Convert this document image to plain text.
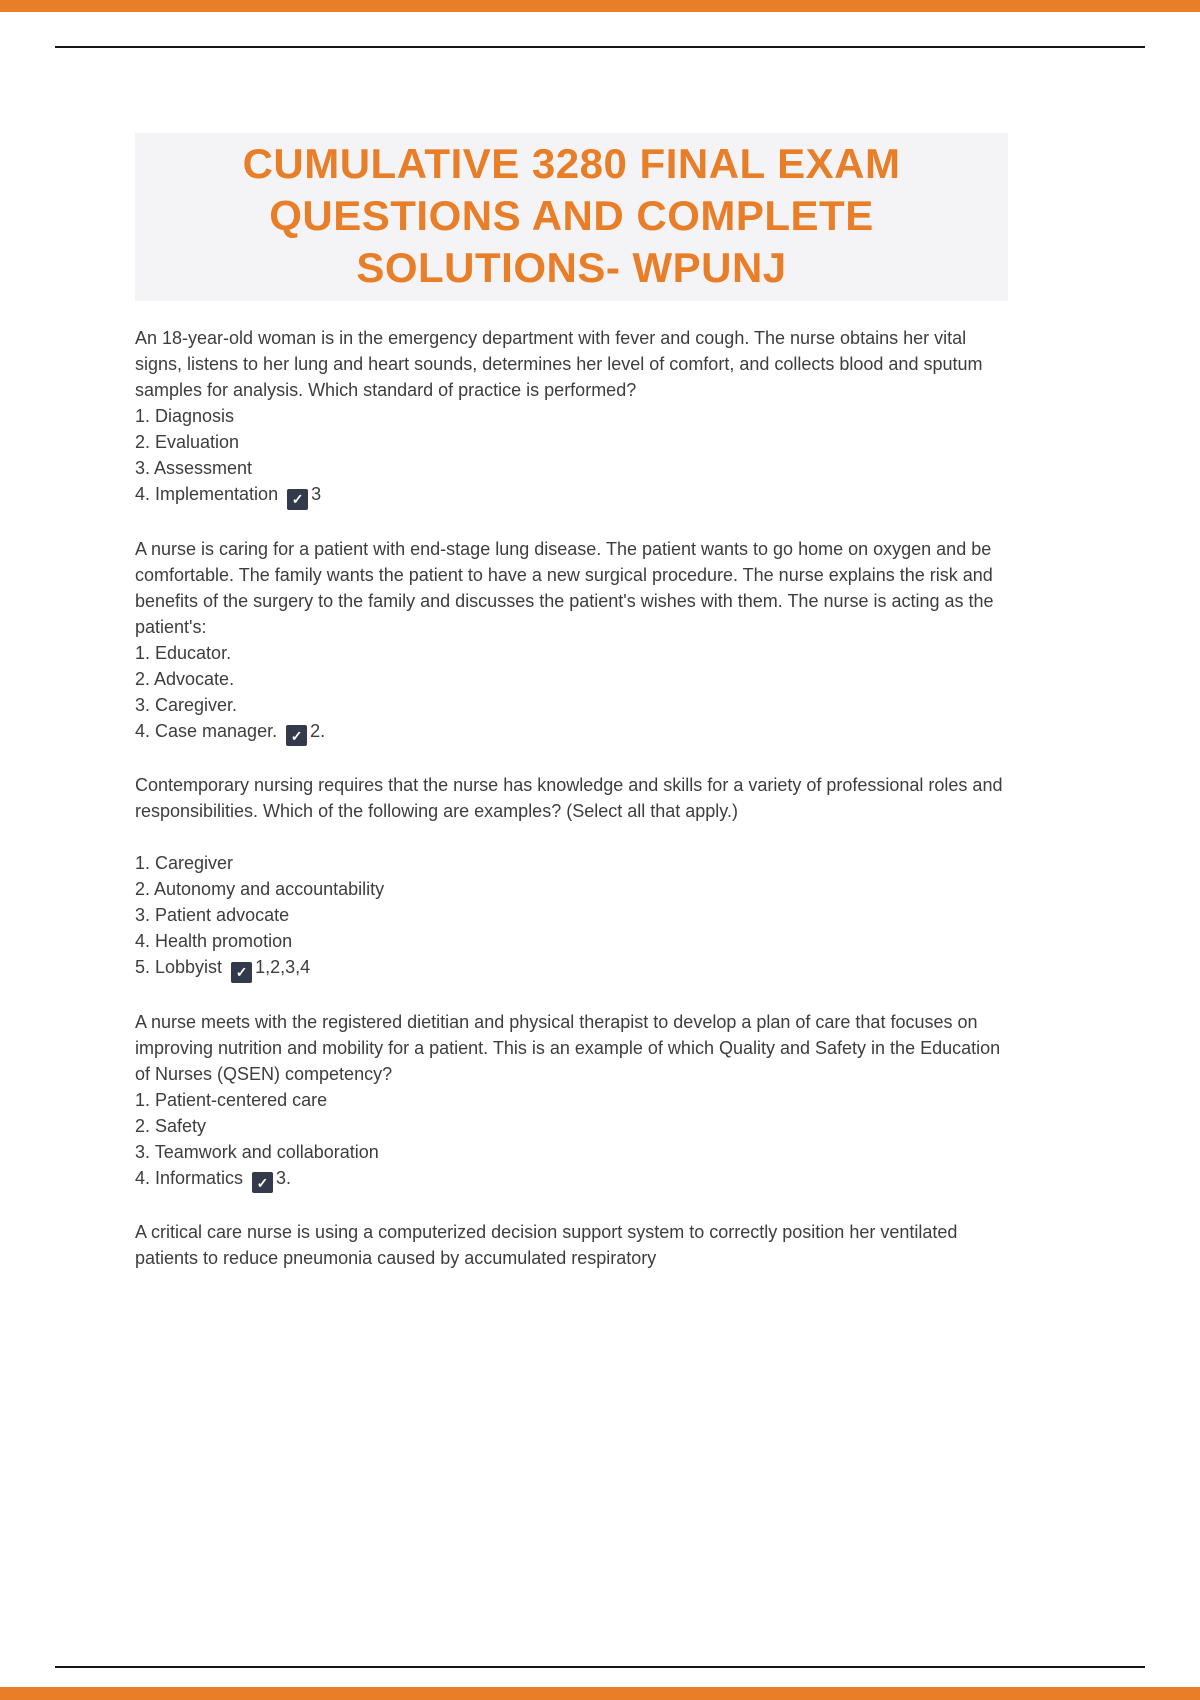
CUMULATIVE 3280 FINAL EXAM
QUESTIONS AND COMPLETE
SOLUTIONS- WPUNJ

An 18-year-old woman is in the emergency department with fever and cough. The nurse obtains her vital signs, listens to her lung and heart sounds, determines her level of comfort, and collects blood and sputum samples for analysis. Which standard of practice is performed?

1. Diagnosis
2. Evaluation
3. Assessment
4. Implementation ✓ 3

A nurse is caring for a patient with end-stage lung disease. The patient wants to go home on oxygen and be comfortable. The family wants the patient to have a new surgical procedure. The nurse explains the risk and benefits of the surgery to the family and discusses the patient's wishes with them. The nurse is acting as the patient's:

1. Educator.
2. Advocate.
3. Caregiver.
4. Case manager. ✓ 2.

Contemporary nursing requires that the nurse has knowledge and skills for a variety of professional roles and responsibilities. Which of the following are examples? (Select all that apply.)

1. Caregiver
2. Autonomy and accountability
3. Patient advocate
4. Health promotion
5. Lobbyist ✓ 1,2,3,4

A nurse meets with the registered dietitian and physical therapist to develop a plan of care that focuses on improving nutrition and mobility for a patient. This is an example of which Quality and Safety in the Education of Nurses (QSEN) competency?

1. Patient-centered care
2. Safety
3. Teamwork and collaboration
4. Informatics ✓ 3.

A critical care nurse is using a computerized decision support system to correctly position her ventilated patients to reduce pneumonia caused by accumulated respiratory
